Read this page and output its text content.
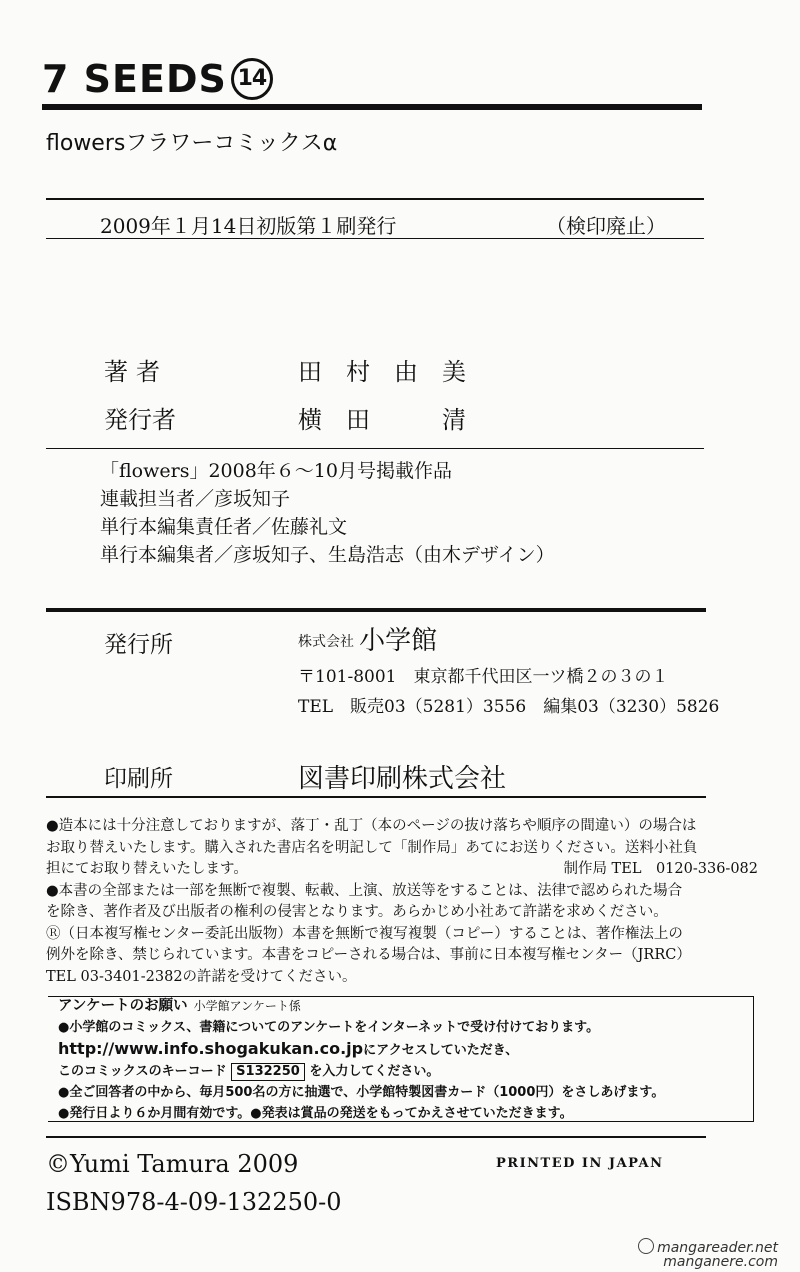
7 SEEDS 14
flowersフラワーコミックスα
2009年１月14日初版第１刷発行	（検印廃止）
著者	田村由美
発行者	横田　清
「flowers」2008年６〜10月号掲載作品
連載担当者／彦坂知子
単行本編集責任者／佐藤礼文
単行本編集者／彦坂知子、生島浩志（由木デザイン）
発行所	株式会社 小学館
〒101-8001　東京都千代田区一ツ橋２の３の１
TEL　販売03（5281）3556　編集03（3230）5826
印刷所	図書印刷株式会社

●造本には十分注意しておりますが、落丁・乱丁（本のページの抜け落ちや順序の間違い）の場合は

お取り替えいたします。購入された書店名を明記して「制作局」あてにお送りください。送料小社負

担にてお取り替えいたします。	制作局 TEL　0120-336-082

●本書の全部または一部を無断で複製、転載、上演、放送等をすることは、法律で認められた場合

を除き、著作者及び出版者の権利の侵害となります。あらかじめ小社あて許諾を求めください。

Ⓡ（日本複写権センター委託出版物）本書を無断で複写複製（コピー）することは、著作権法上の

例外を除き、禁じられています。本書をコピーされる場合は、事前に日本複写権センター（JRRC）

TEL 03-3401-2382の許諾を受けてください。

アンケートのお願い 小学館アンケート係
●小学館のコミックス、書籍についてのアンケートをインターネットで受け付けております。
http://www.info.shogakukan.co.jpにアクセスしていただき、
このコミックスのキーコード S132250 を入力してください。
●全ご回答者の中から、毎月500名の方に抽選で、小学館特製図書カード（1000円）をさしあげます。
●発行日より６か月間有効です。●発表は賞品の発送をもってかえさせていただきます。
©Yumi Tamura 2009	PRINTED IN JAPAN
ISBN978-4-09-132250-0
mangareader.net
manganere.com
